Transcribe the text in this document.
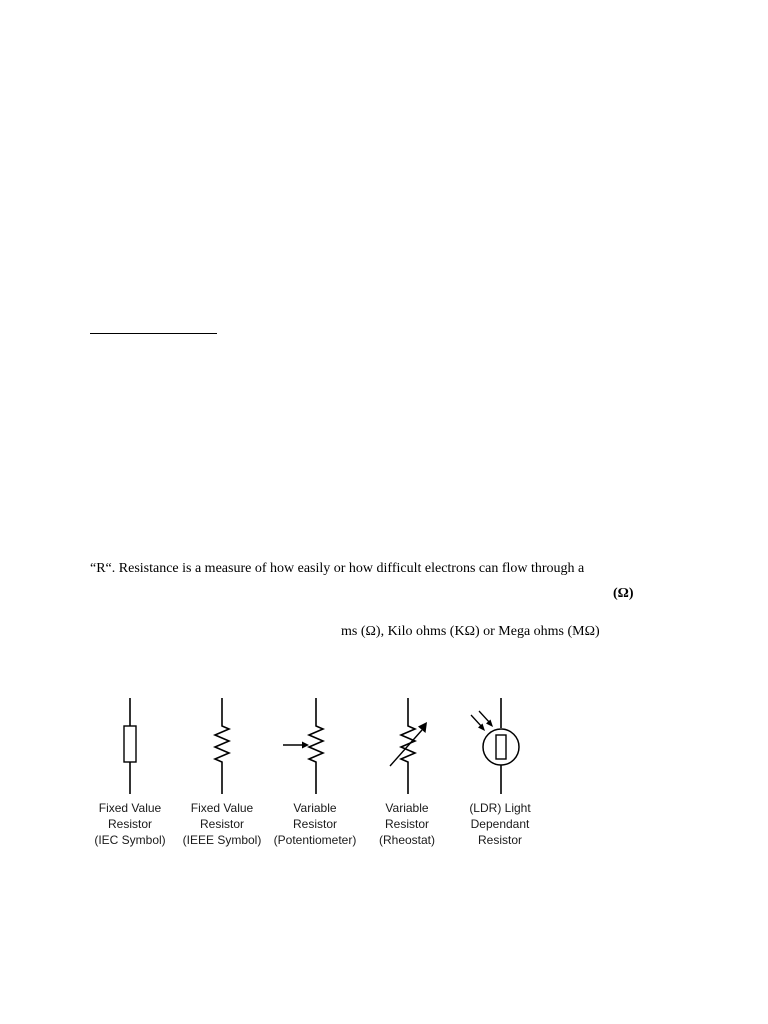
“R“. Resistance is a measure of how easily or how difficult electrons can flow through a
(Ω)
ms (Ω), Kilo ohms (KΩ) or Mega ohms (MΩ)
Fixed Value
Resistor
(IEC Symbol)
Fixed Value
Resistor
(IEEE Symbol)
Variable
Resistor
(Potentiometer)
Variable
Resistor
(Rheostat)
(LDR) Light
Dependant
Resistor
